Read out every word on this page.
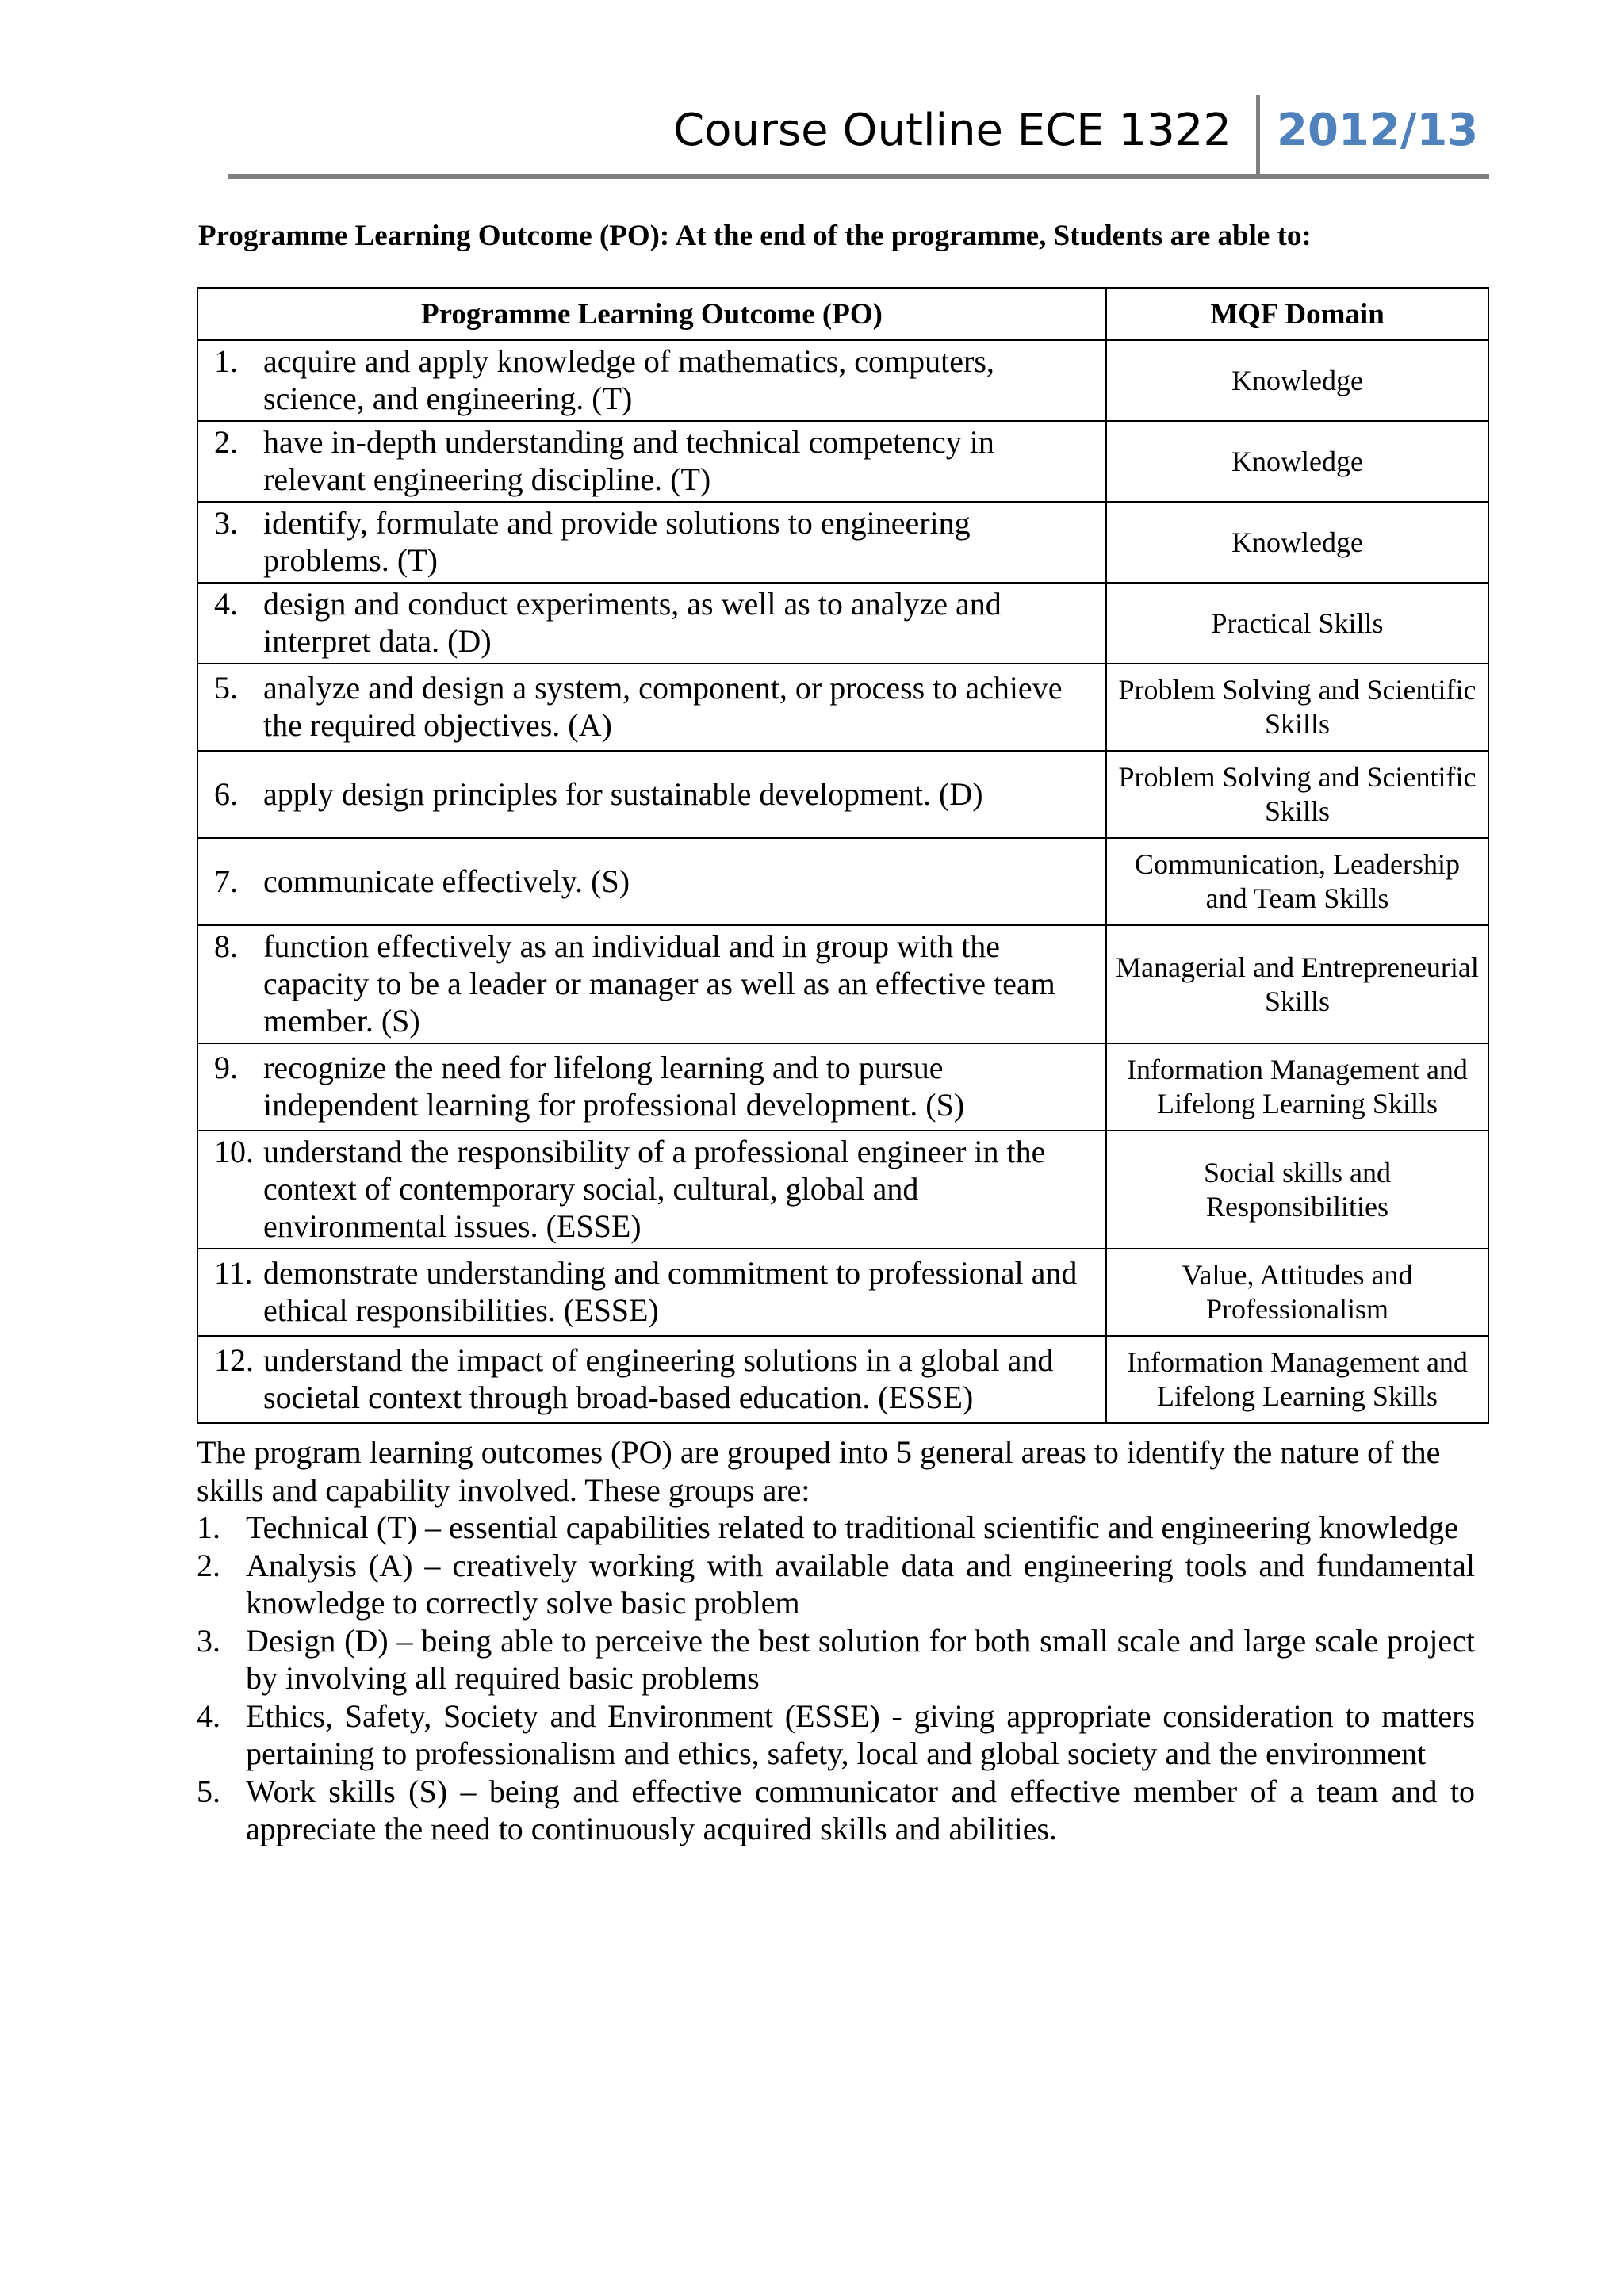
Course Outline ECE 1322 2012/13
Programme Learning Outcome (PO): At the end of the programme, Students are able to:
Programme Learning Outcome (PO)	MQF Domain

1. acquire and apply knowledge of mathematics, computers, science, and engineering. (T)	Knowledge

2. have in-depth understanding and technical competency in relevant engineering discipline. (T)	Knowledge

3. identify, formulate and provide solutions to engineering problems. (T)	Knowledge

4. design and conduct experiments, as well as to analyze and interpret data. (D)	Practical Skills

5. analyze and design a system, component, or process to achieve the required objectives. (A)	Problem Solving and Scientific Skills

6. apply design principles for sustainable development. (D)	Problem Solving and Scientific Skills

7. communicate effectively. (S)	Communication, Leadership and Team Skills

8. function effectively as an individual and in group with the capacity to be a leader or manager as well as an effective team member. (S)	Managerial and Entrepreneurial Skills

9. recognize the need for lifelong learning and to pursue independent learning for professional development. (S)	Information Management and Lifelong Learning Skills

10. understand the responsibility of a professional engineer in the context of contemporary social, cultural, global and environmental issues. (ESSE)	Social skills and Responsibilities

11. demonstrate understanding and commitment to professional and ethical responsibilities. (ESSE)	Value, Attitudes and Professionalism

12. understand the impact of engineering solutions in a global and societal context through broad-based education. (ESSE)	Information Management and Lifelong Learning Skills

The program learning outcomes (PO) are grouped into 5 general areas to identify the nature of the skills and capability involved. These groups are:

1. Technical (T) – essential capabilities related to traditional scientific and engineering knowledge
2. Analysis (A) – creatively working with available data and engineering tools and fundamental knowledge to correctly solve basic problem
3. Design (D) – being able to perceive the best solution for both small scale and large scale project by involving all required basic problems
4. Ethics, Safety, Society and Environment (ESSE) - giving appropriate consideration to matters pertaining to professionalism and ethics, safety, local and global society and the environment
5. Work skills (S) – being and effective communicator and effective member of a team and to appreciate the need to continuously acquired skills and abilities.
